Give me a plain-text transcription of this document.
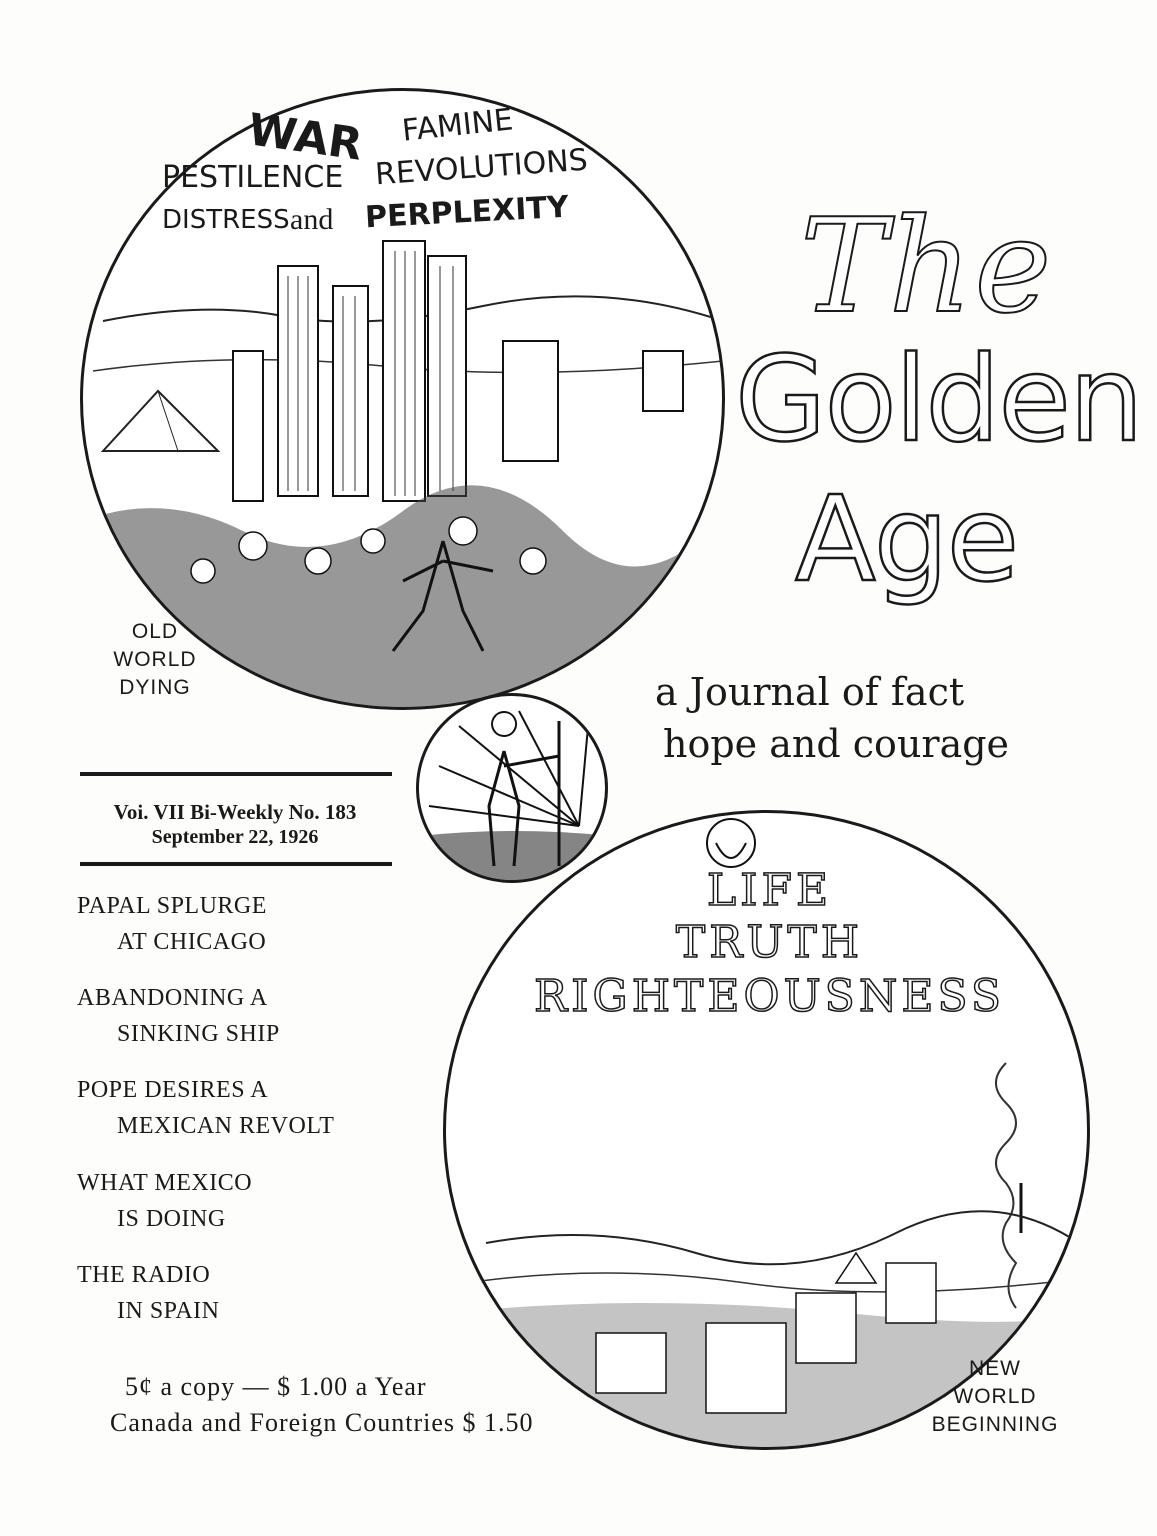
WAR FAMINE
PESTILENCE REVOLUTIONS
DISTRESS and PERPLEXITY
OLD
WORLD
DYING
The
Golden
Age
a Journal of fact
hope and courage
Voi. VII Bi-Weekly No. 183
September 22, 1926
PAPAL SPLURGE
AT CHICAGO
ABANDONING A
SINKING SHIP
POPE DESIRES A
MEXICAN REVOLT
WHAT MEXICO
IS DOING
THE RADIO
IN SPAIN
5¢ a copy — $ 1.00 a Year
Canada and Foreign Countries $ 1.50
LIFE
TRUTH
RIGHTEOUSNESS
NEW
WORLD
BEGINNING
